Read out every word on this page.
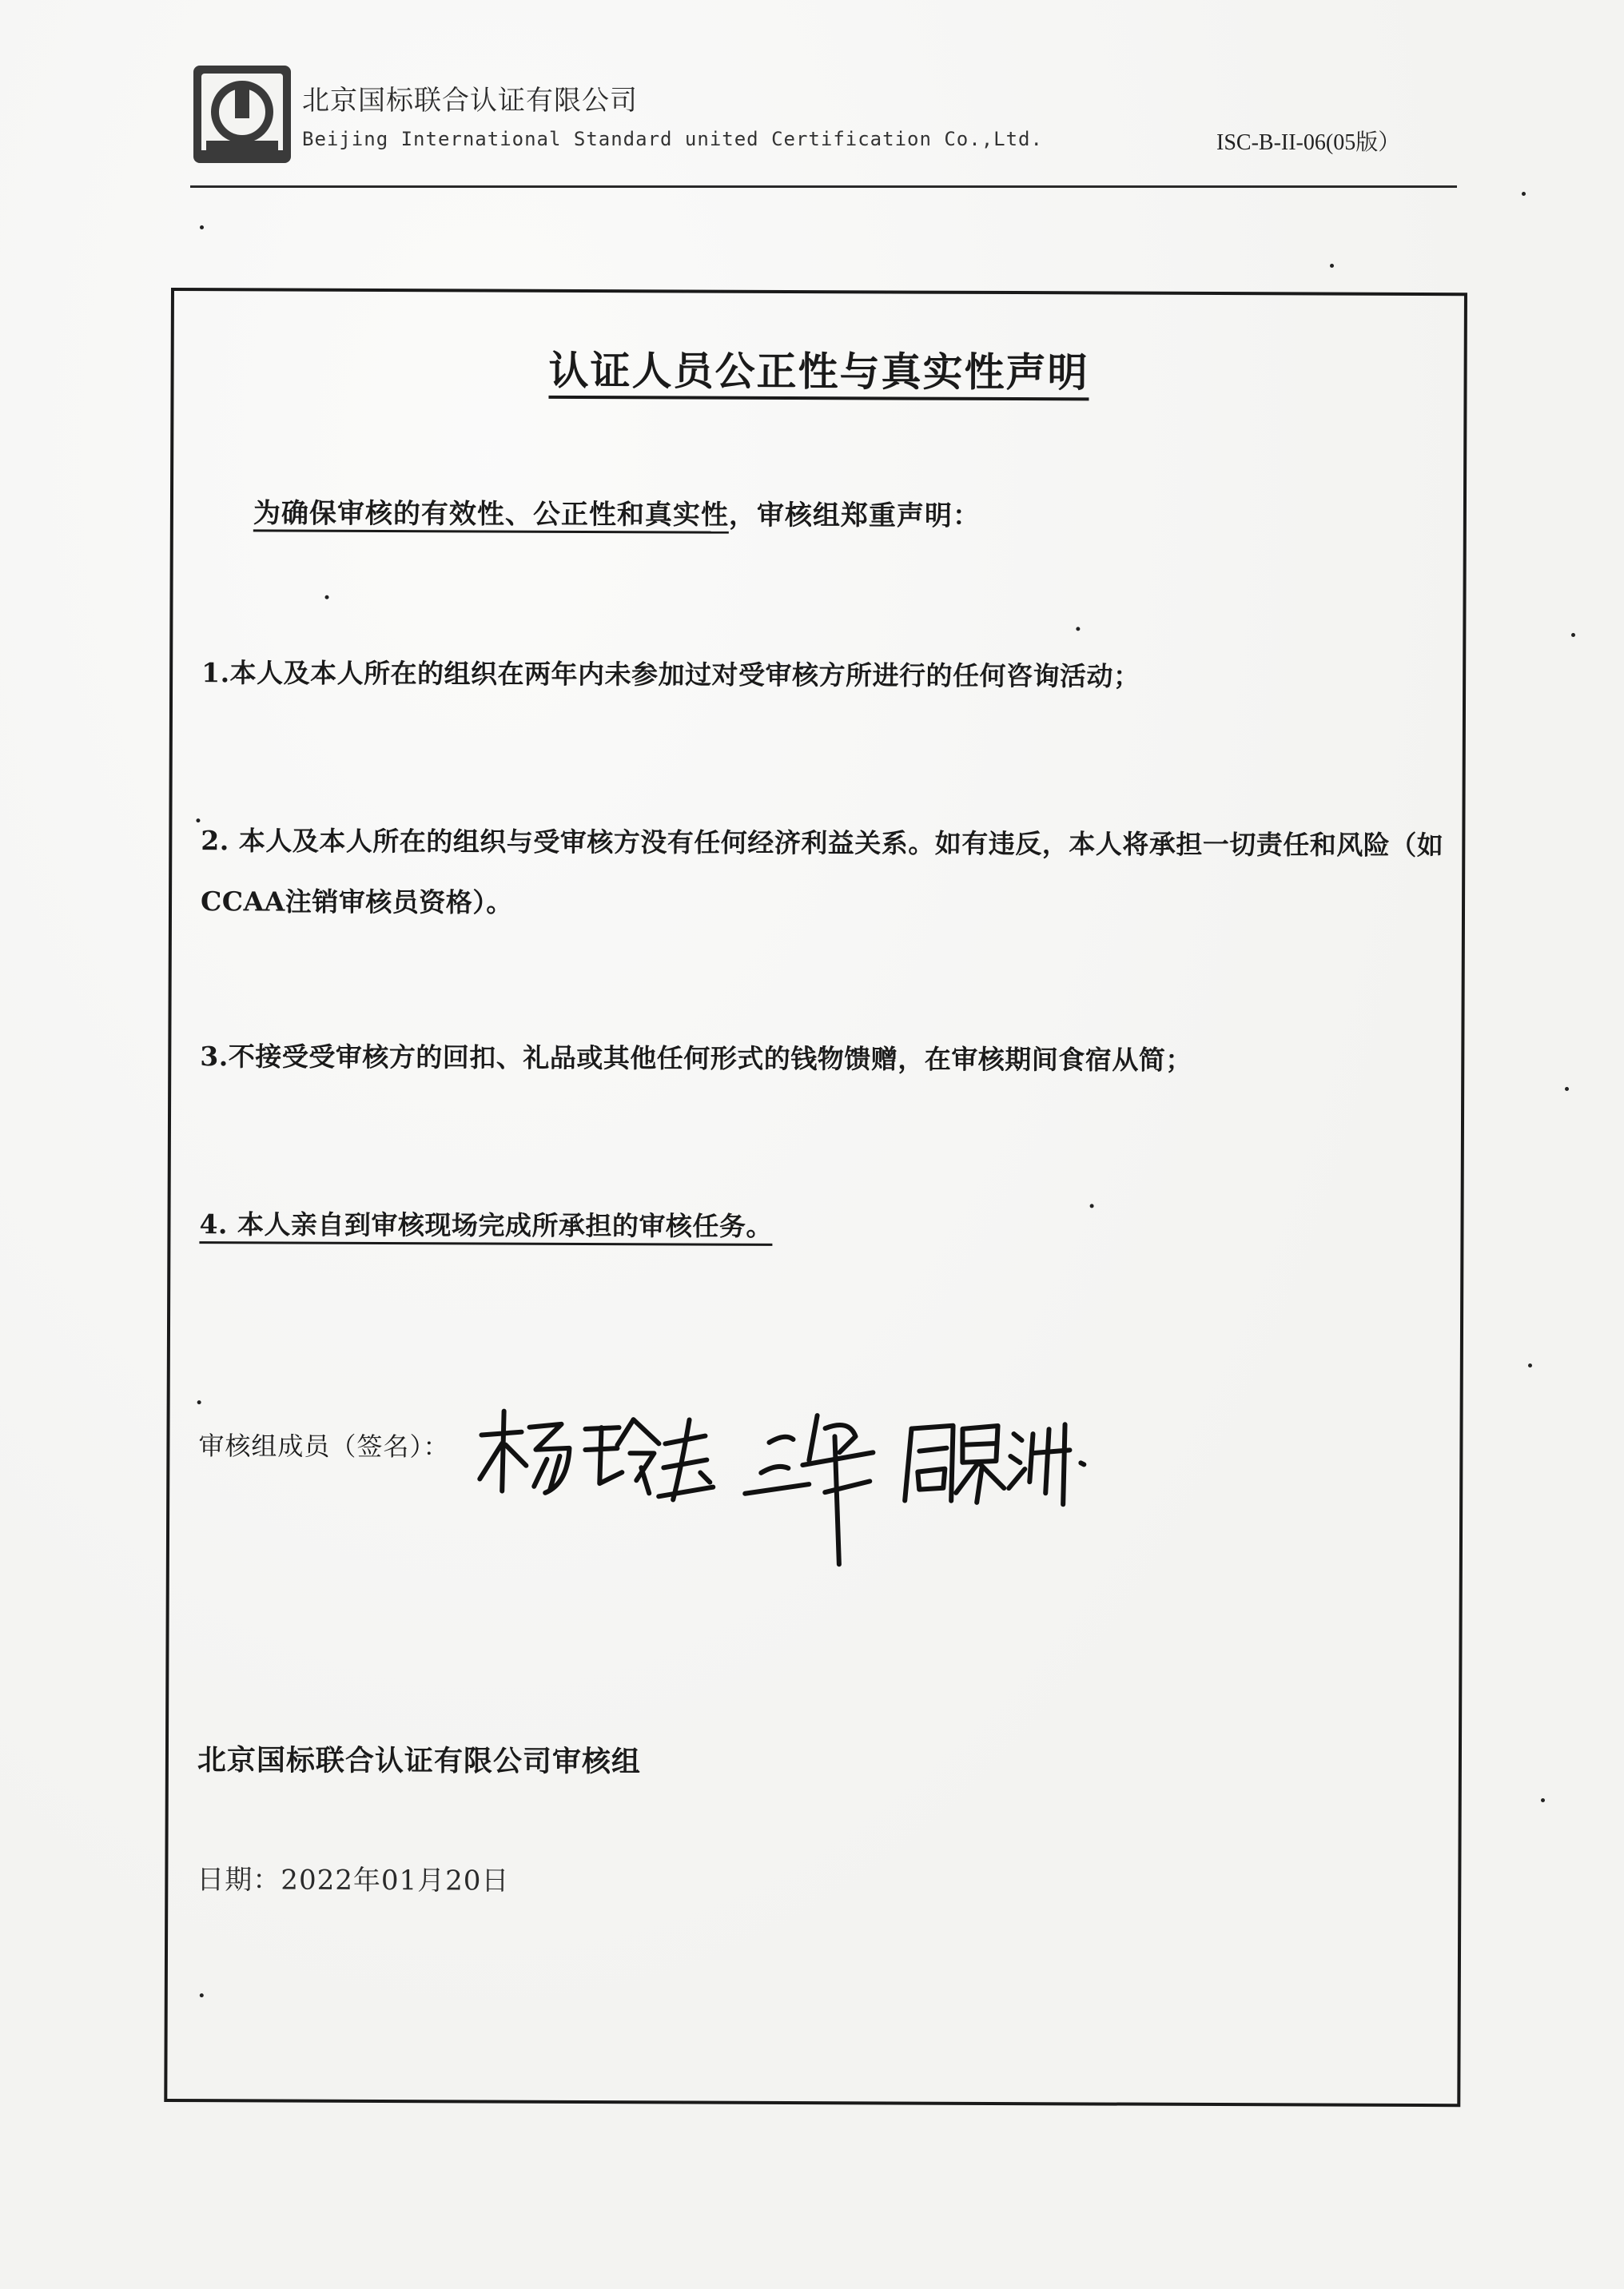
北京国标联合认证有限公司
Beijing International Standard united Certification Co.,Ltd.	ISC-B-II-06(05版）
认证人员公正性与真实性声明
为确保审核的有效性、公正性和真实性，审核组郑重声明：
1.本人及本人所在的组织在两年内未参加过对受审核方所进行的任何咨询活动；
2. 本人及本人所在的组织与受审核方没有任何经济利益关系。如有违反，本人将承担一切责任和风险（如CCAA注销审核员资格）。
3.不接受受审核方的回扣、礼品或其他任何形式的钱物馈赠，在审核期间食宿从简；
4. 本人亲自到审核现场完成所承担的审核任务。
审核组成员（签名）：
北京国标联合认证有限公司审核组
日期：2022年01月20日
